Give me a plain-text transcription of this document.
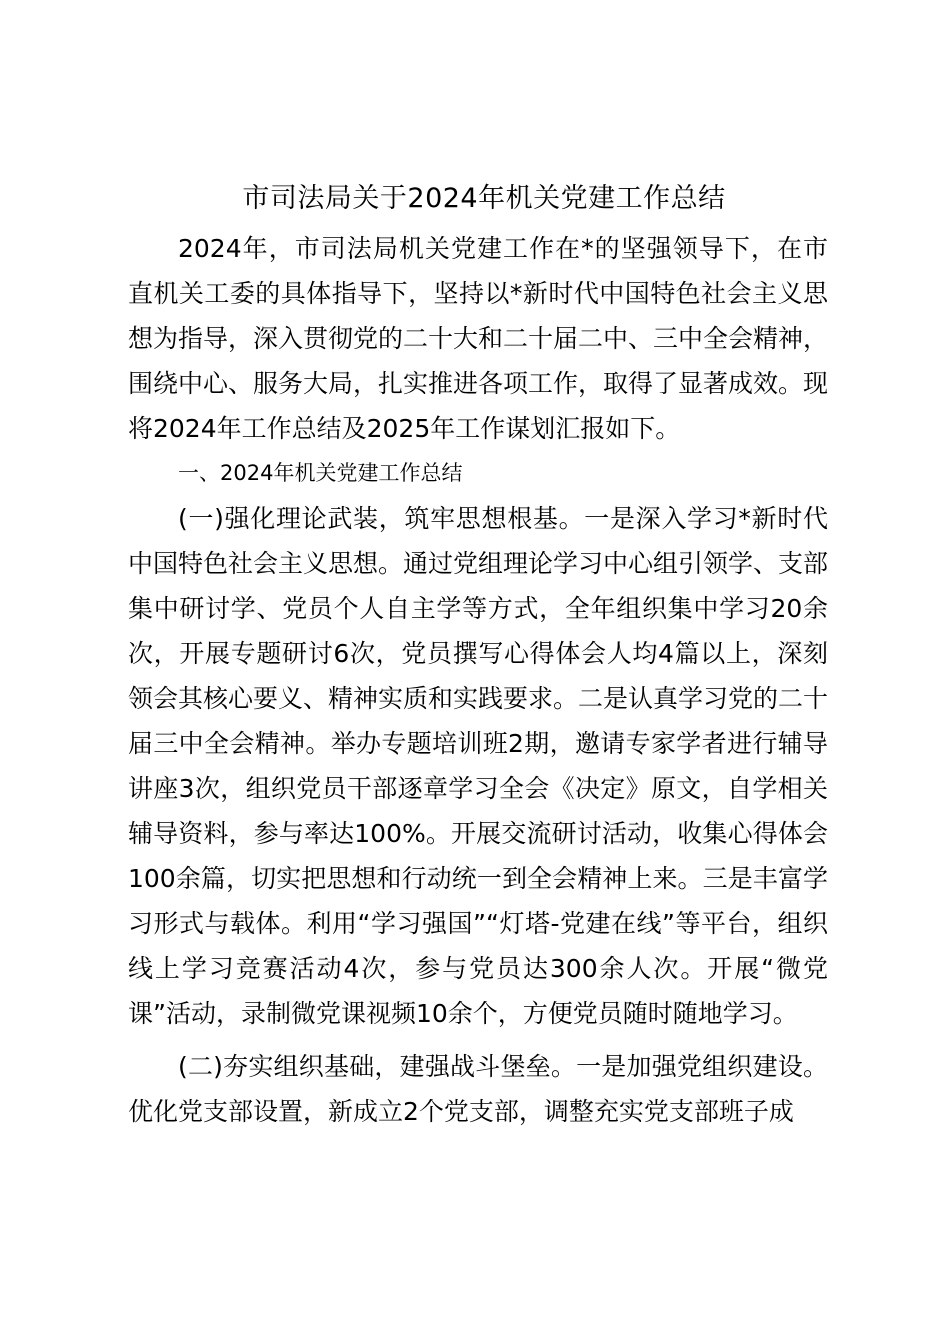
市司法局关于2024年机关党建工作总结

2024年，市司法局机关党建工作在*的坚强领导下，在市直机关工委的具体指导下，坚持以*新时代中国特色社会主义思想为指导，深入贯彻党的二十大和二十届二中、三中全会精神，围绕中心、服务大局，扎实推进各项工作，取得了显著成效。现将2024年工作总结及2025年工作谋划汇报如下。

一、2024年机关党建工作总结

(一)强化理论武装，筑牢思想根基。一是深入学习*新时代中国特色社会主义思想。通过党组理论学习中心组引领学、支部集中研讨学、党员个人自主学等方式，全年组织集中学习20余次，开展专题研讨6次，党员撰写心得体会人均4篇以上，深刻领会其核心要义、精神实质和实践要求。二是认真学习党的二十届三中全会精神。举办专题培训班2期，邀请专家学者进行辅导讲座3次，组织党员干部逐章学习全会《决定》原文，自学相关辅导资料，参与率达100%。开展交流研讨活动，收集心得体会100余篇，切实把思想和行动统一到全会精神上来。三是丰富学习形式与载体。利用“学习强国”“灯塔-党建在线”等平台，组织线上学习竞赛活动4次，参与党员达300余人次。开展“微党课”活动，录制微党课视频10余个，方便党员随时随地学习。

(二)夯实组织基础，建强战斗堡垒。一是加强党组织建设。优化党支部设置，新成立2个党支部，调整充实党支部班子成
